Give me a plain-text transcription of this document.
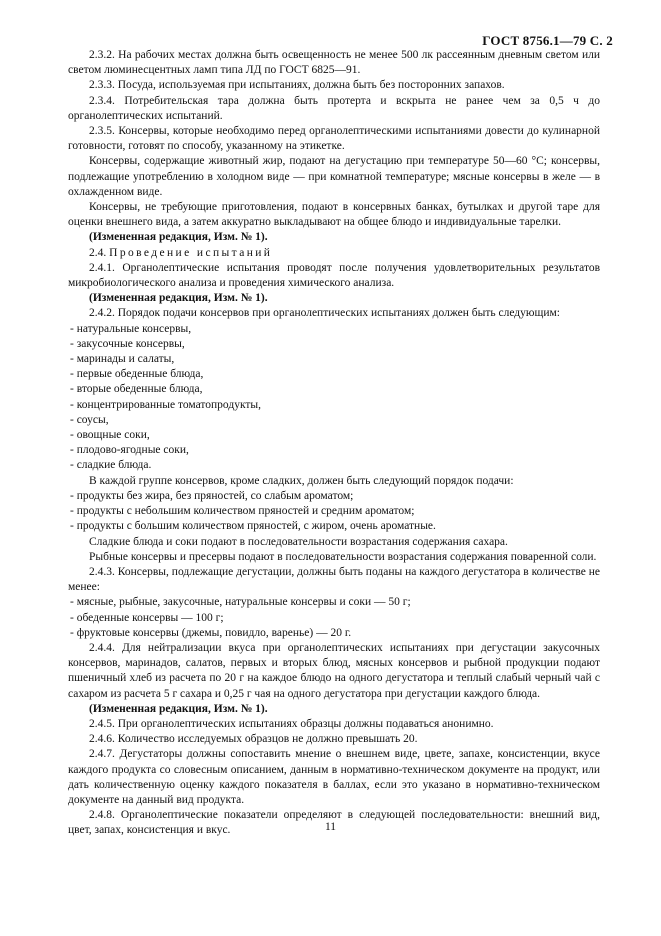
ГОСТ 8756.1—79 С. 2

2.3.2. На рабочих местах должна быть освещенность не менее 500 лк рассеянным дневным светом или светом люминесцентных ламп типа ЛД по ГОСТ 6825—91.

2.3.3. Посуда, используемая при испытаниях, должна быть без посторонних запахов.

2.3.4. Потребительская тара должна быть протерта и вскрыта не ранее чем за 0,5 ч до органолептических испытаний.

2.3.5. Консервы, которые необходимо перед органолептическими испытаниями довести до кулинарной готовности, готовят по способу, указанному на этикетке.

Консервы, содержащие животный жир, подают на дегустацию при температуре 50—60 °С; консервы, подлежащие употреблению в холодном виде — при комнатной температуре; мясные консервы в желе — в охлажденном виде.

Консервы, не требующие приготовления, подают в консервных банках, бутылках и другой таре для оценки внешнего вида, а затем аккуратно выкладывают на общее блюдо и индивидуальные тарелки.

(Измененная редакция, Изм. № 1).

2.4. Проведение испытаний

2.4.1. Органолептические испытания проводят после получения удовлетворительных результатов микробиологического анализа и проведения химического анализа.

(Измененная редакция, Изм. № 1).

2.4.2. Порядок подачи консервов при органолептических испытаниях должен быть следующим:

- натуральные консервы,

- закусочные консервы,

- маринады и салаты,

- первые обеденные блюда,

- вторые обеденные блюда,

- концентрированные томатопродукты,

- соусы,

- овощные соки,

- плодово-ягодные соки,

- сладкие блюда.

В каждой группе консервов, кроме сладких, должен быть следующий порядок подачи:

- продукты без жира, без пряностей, со слабым ароматом;

- продукты с небольшим количеством пряностей и средним ароматом;

- продукты с большим количеством пряностей, с жиром, очень ароматные.

Сладкие блюда и соки подают в последовательности возрастания содержания сахара.

Рыбные консервы и пресервы подают в последовательности возрастания содержания поваренной соли.

2.4.3. Консервы, подлежащие дегустации, должны быть поданы на каждого дегустатора в количестве не менее:

- мясные, рыбные, закусочные, натуральные консервы и соки — 50 г;

- обеденные консервы — 100 г;

- фруктовые консервы (джемы, повидло, варенье) — 20 г.

2.4.4. Для нейтрализации вкуса при органолептических испытаниях при дегустации закусочных консервов, маринадов, салатов, первых и вторых блюд, мясных консервов и рыбной продукции подают пшеничный хлеб из расчета по 20 г на каждое блюдо на одного дегустатора и теплый слабый черный чай с сахаром из расчета 5 г сахара и 0,25 г чая на одного дегустатора при дегустации каждого блюда.

(Измененная редакция, Изм. № 1).

2.4.5. При органолептических испытаниях образцы должны подаваться анонимно.

2.4.6. Количество исследуемых образцов не должно превышать 20.

2.4.7. Дегустаторы должны сопоставить мнение о внешнем виде, цвете, запахе, консистенции, вкусе каждого продукта со словесным описанием, данным в нормативно-техническом документе на продукт, или дать количественную оценку каждого показателя в баллах, если это указано в нормативно-техническом документе на данный вид продукта.

2.4.8. Органолептические показатели определяют в следующей последовательности: внешний вид, цвет, запах, консистенция и вкус.	11
